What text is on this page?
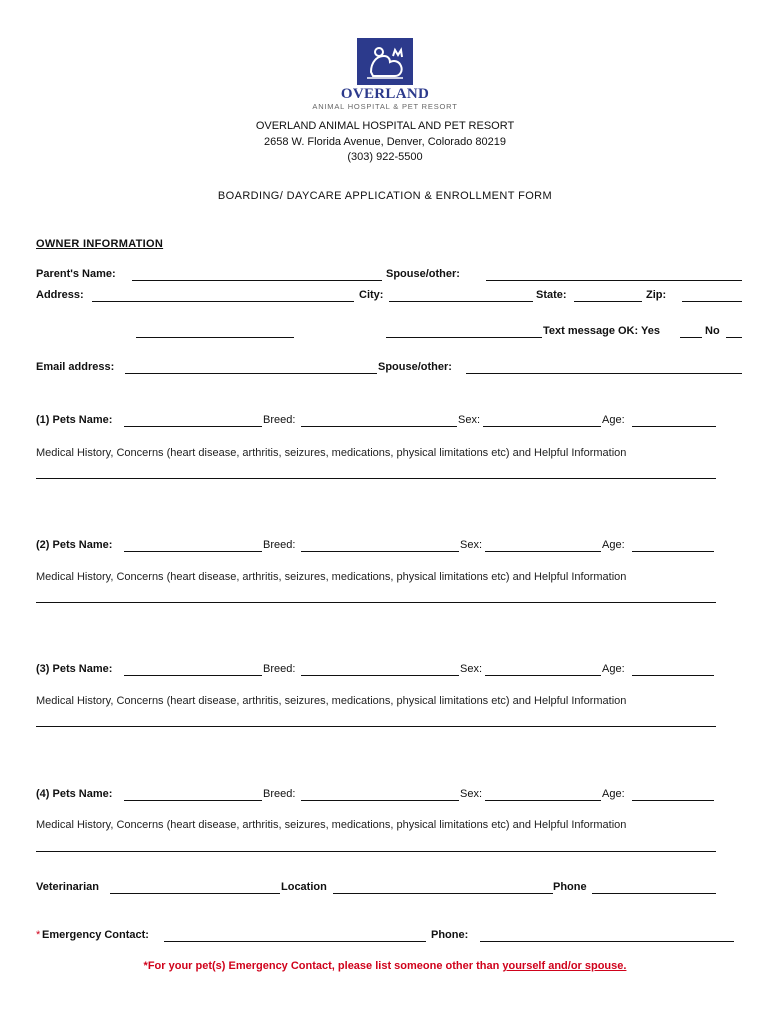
OVERLAND
ANIMAL HOSPITAL & PET RESORT
OVERLAND ANIMAL HOSPITAL AND PET RESORT
2658 W. Florida Avenue, Denver, Colorado 80219
(303) 922-5500
BOARDING/ DAYCARE APPLICATION & ENROLLMENT FORM
OWNER INFORMATION
Parent's Name:	Spouse/other:
Address:	City:	State:	Zip:
Text message OK: Yes	No
Email address:	Spouse/other:
(1) Pets Name:	Breed:	Sex:	Age:
Medical History, Concerns (heart disease, arthritis, seizures, medications, physical limitations etc) and Helpful Information
(2) Pets Name:	Breed:	Sex:	Age:
Medical History, Concerns (heart disease, arthritis, seizures, medications, physical limitations etc) and Helpful Information
(3) Pets Name:	Breed:	Sex:	Age:
Medical History, Concerns (heart disease, arthritis, seizures, medications, physical limitations etc) and Helpful Information
(4) Pets Name:	Breed:	Sex:	Age:
Medical History, Concerns (heart disease, arthritis, seizures, medications, physical limitations etc) and Helpful Information
Veterinarian	Location	Phone
* Emergency Contact:	Phone:
*For your pet(s) Emergency Contact, please list someone other than yourself and/or spouse.
